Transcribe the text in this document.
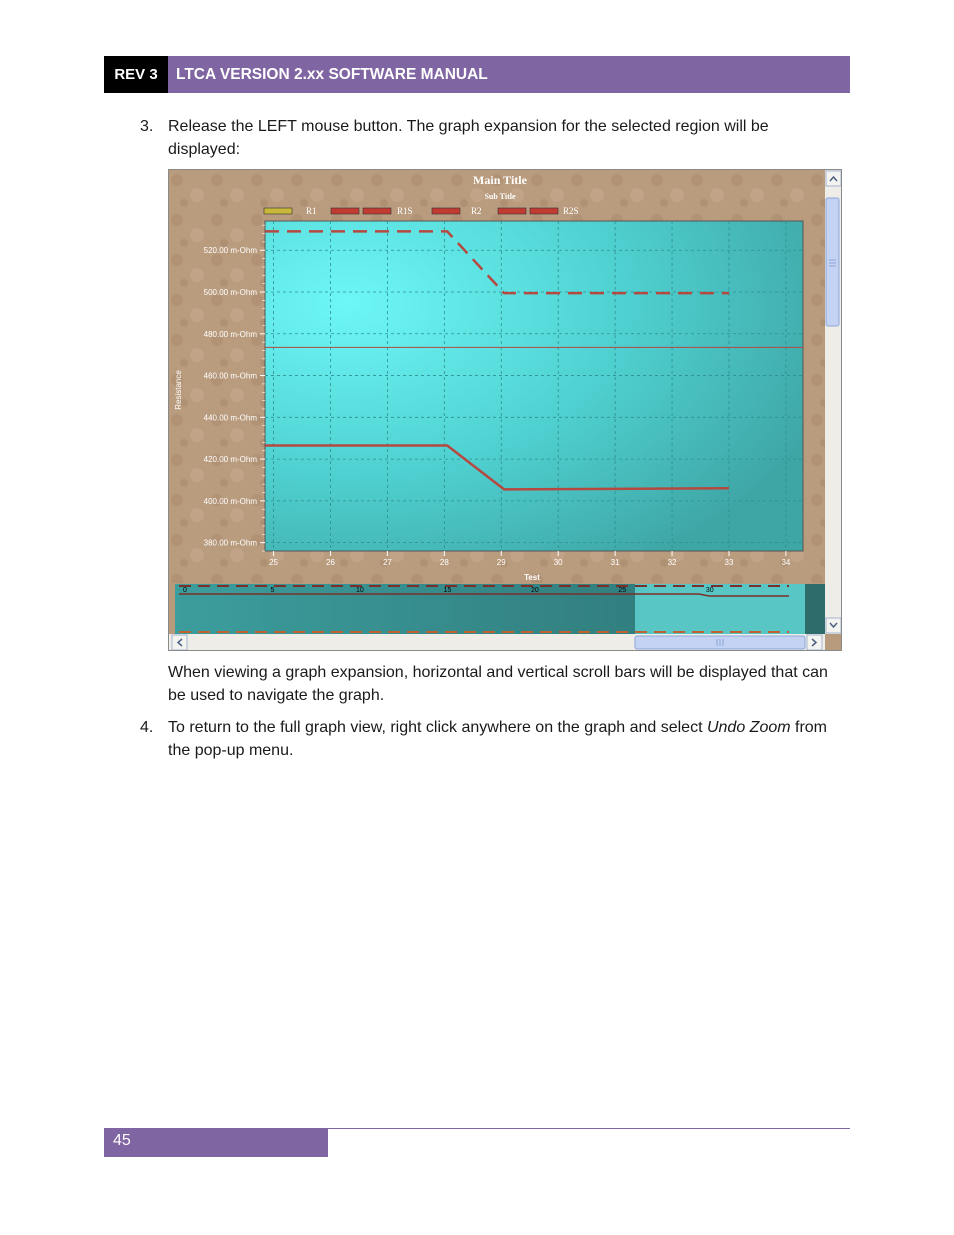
REV 3	LTCA VERSION 2.xx SOFTWARE MANUAL
3. Release the LEFT mouse button. The graph expansion for the selected region will be displayed:
380.00 m-Ohm
400.00 m-Ohm
420.00 m-Ohm
440.00 m-Ohm
460.00 m-Ohm
480.00 m-Ohm
500.00 m-Ohm
520.00 m-Ohm
25	26	27	28	29	30	31	32	33	34
Main Title
Sub Title
R1	R1S	R2	R2S
Resistance
Test
0	5	10	15	20	25	30
When viewing a graph expansion, horizontal and vertical scroll bars will be displayed that can be used to navigate the graph.
4. To return to the full graph view, right click anywhere on the graph and select Undo Zoom from the pop-up menu.
45
